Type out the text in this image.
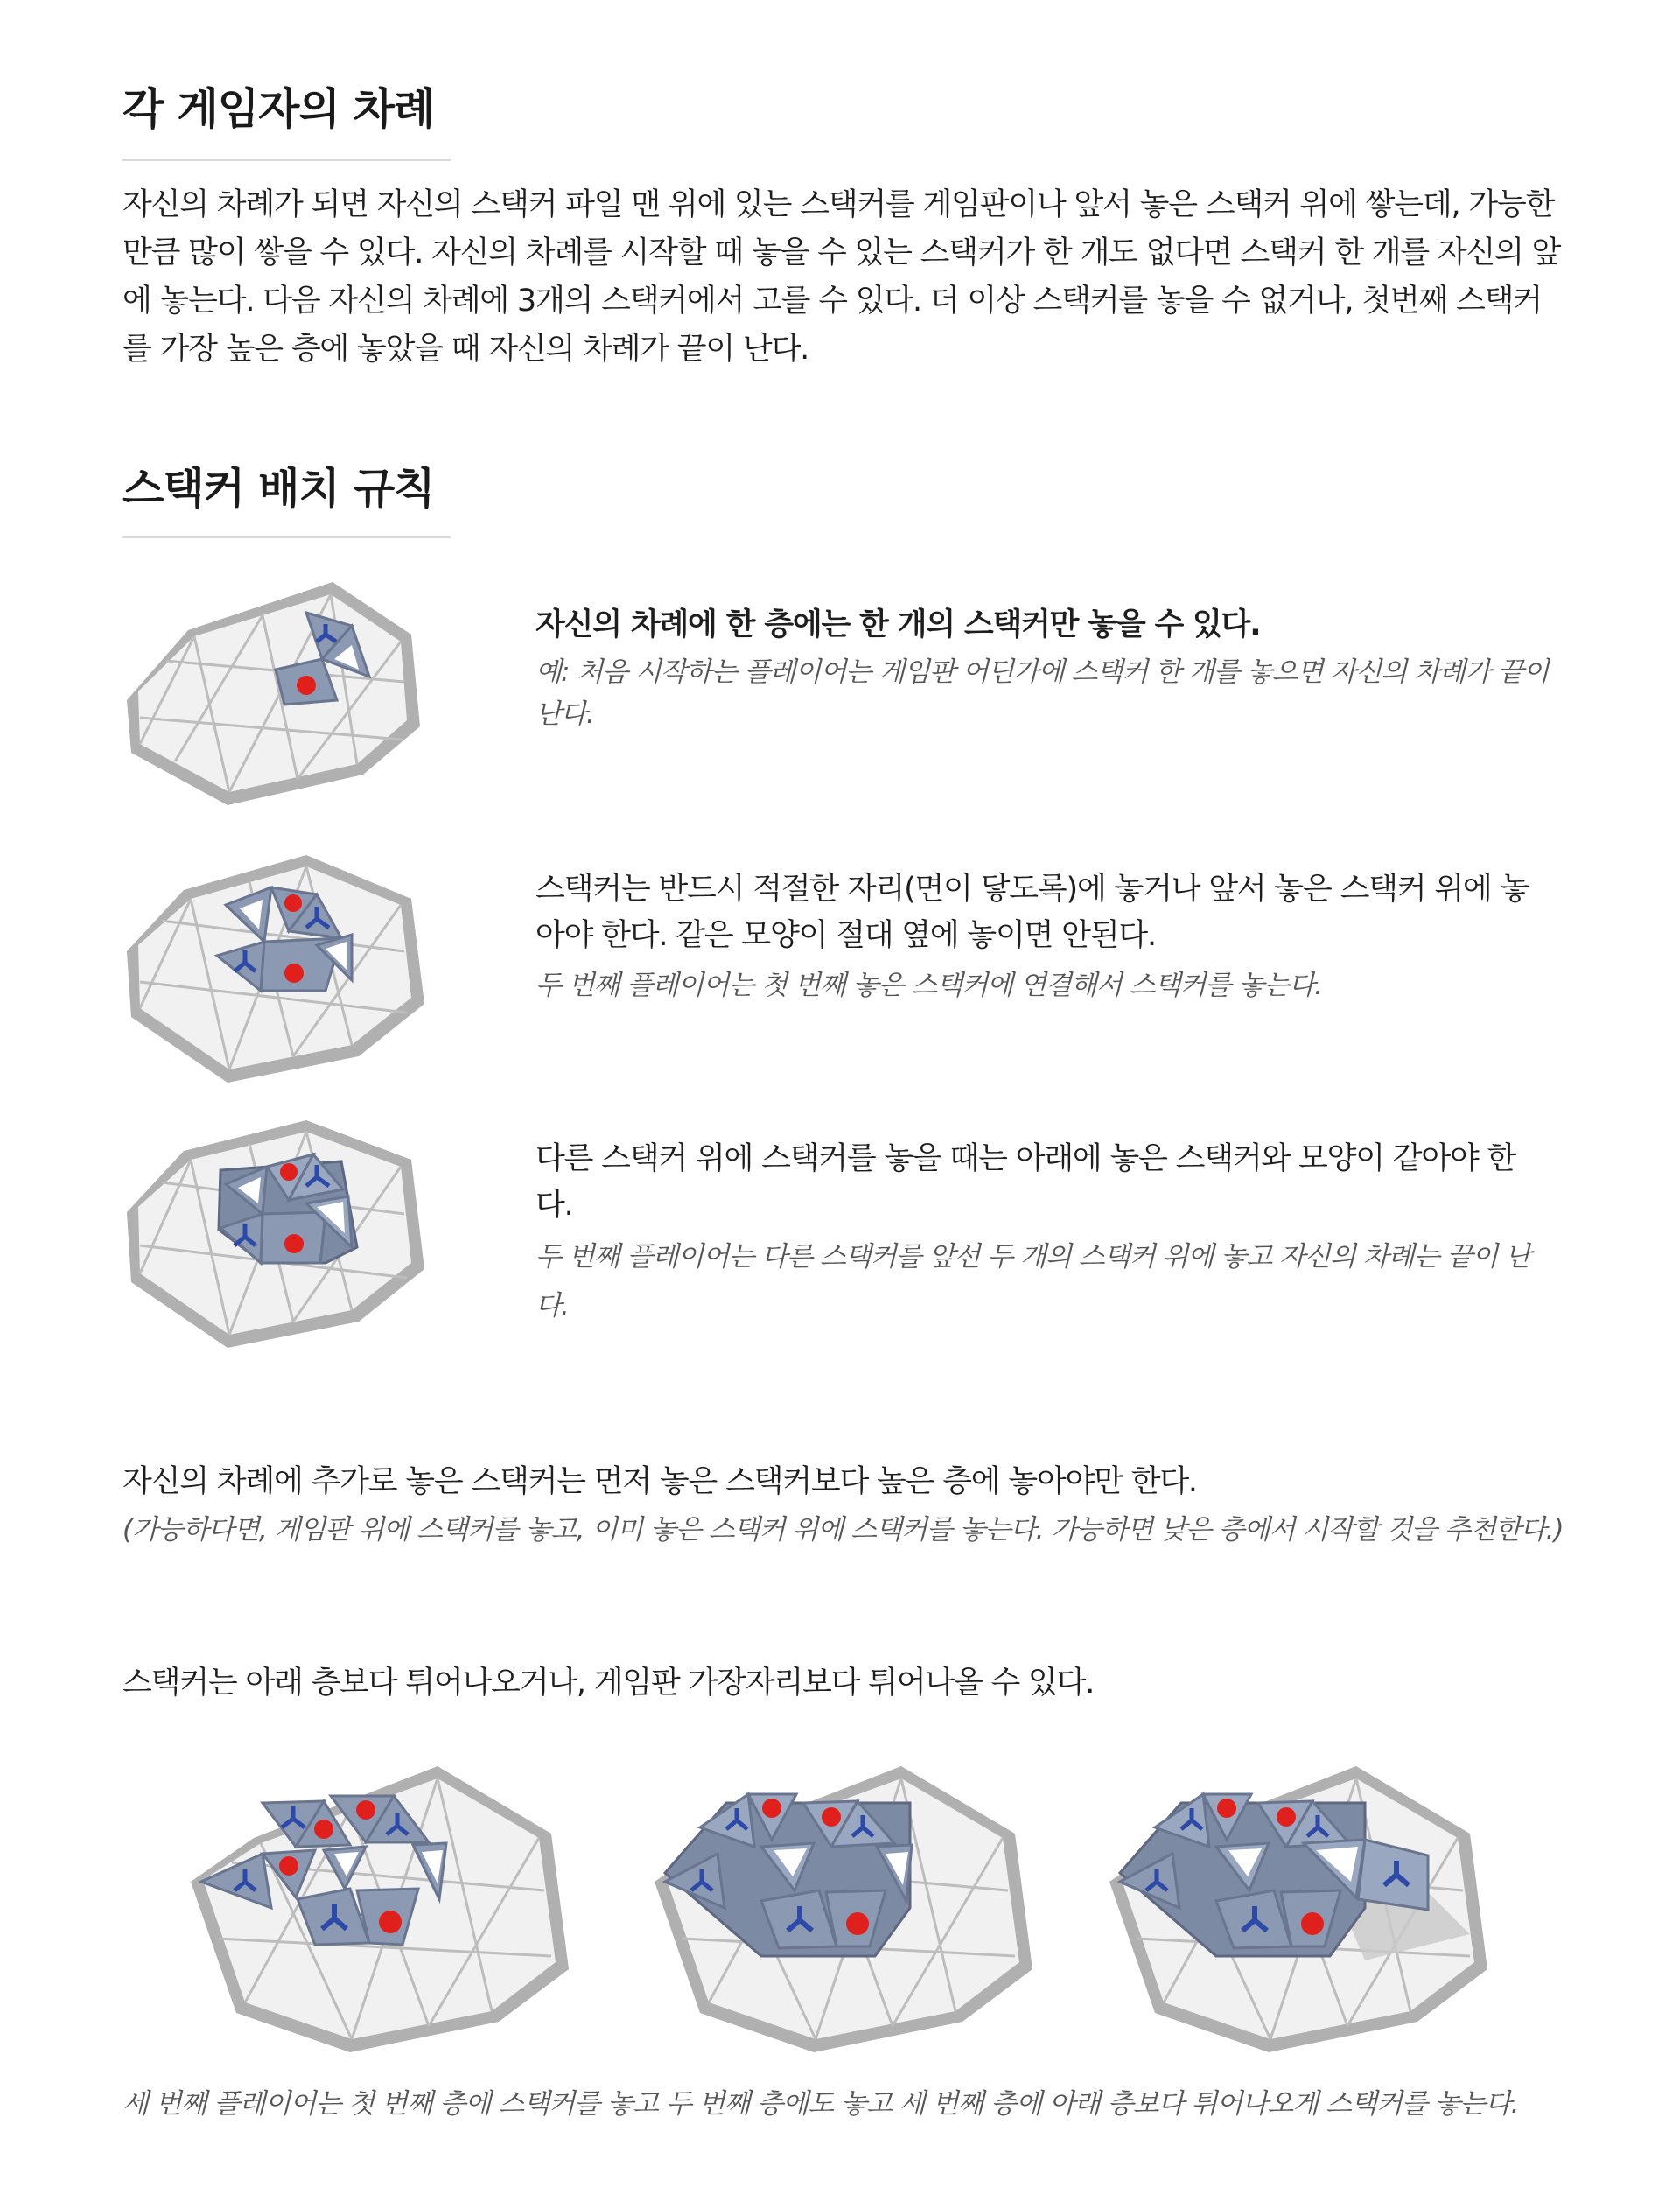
각 게임자의 차례

자신의 차례가 되면 자신의 스택커 파일 맨 위에 있는 스택커를 게임판이나 앞서 놓은 스택커 위에 쌓는데, 가능한 만큼 많이 쌓을 수 있다. 자신의 차례를 시작할 때 놓을 수 있는 스택커가 한 개도 없다면 스택커 한 개를 자신의 앞에 놓는다. 다음 자신의 차례에 3개의 스택커에서 고를 수 있다. 더 이상 스택커를 놓을 수 없거나, 첫번째 스택커를 가장 높은 층에 놓았을 때 자신의 차례가 끝이 난다.

스택커 배치 규칙

자신의 차례에 한 층에는 한 개의 스택커만 놓을 수 있다.

예: 처음 시작하는 플레이어는 게임판 어딘가에 스택커 한 개를 놓으면 자신의 차례가 끝이 난다.

스택커는 반드시 적절한 자리(면이 닿도록)에 놓거나 앞서 놓은 스택커 위에 놓아야 한다. 같은 모양이 절대 옆에 놓이면 안된다.

두 번째 플레이어는 첫 번째 놓은 스택커에 연결해서 스택커를 놓는다.

다른 스택커 위에 스택커를 놓을 때는 아래에 놓은 스택커와 모양이 같아야 한다.

두 번째 플레이어는 다른 스택커를 앞선 두 개의 스택커 위에 놓고 자신의 차례는 끝이 난다.

자신의 차례에 추가로 놓은 스택커는 먼저 놓은 스택커보다 높은 층에 놓아야만 한다.

(가능하다면, 게임판 위에 스택커를 놓고, 이미 놓은 스택커 위에 스택커를 놓는다. 가능하면 낮은 층에서 시작할 것을 추천한다.)

스택커는 아래 층보다 튀어나오거나, 게임판 가장자리보다 튀어나올 수 있다.

세 번째 플레이어는 첫 번째 층에 스택커를 놓고 두 번째 층에도 놓고 세 번째 층에 아래 층보다 튀어나오게 스택커를 놓는다.
